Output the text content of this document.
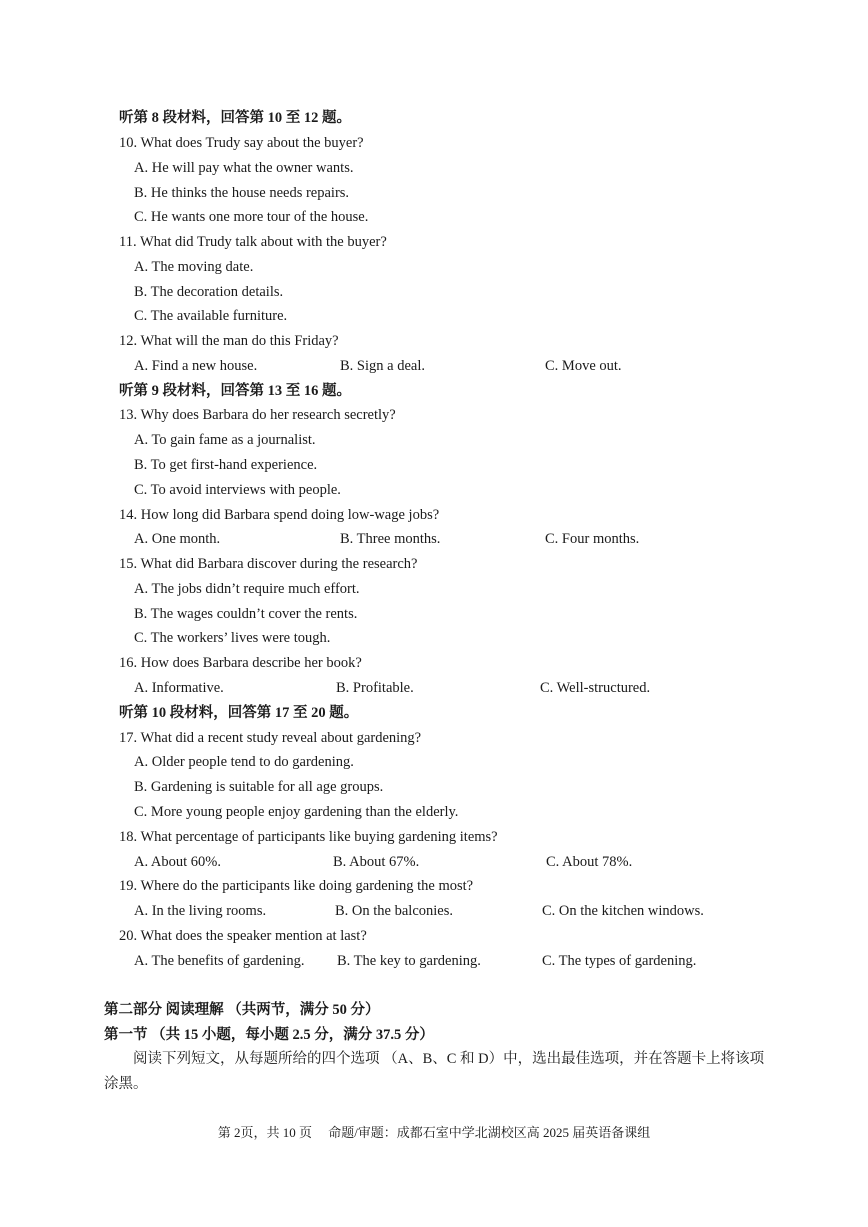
听第 8 段材料，回答第 10 至 12 题。
10. What does Trudy say about the buyer?
A. He will pay what the owner wants.
B. He thinks the house needs repairs.
C. He wants one more tour of the house.
11. What did Trudy talk about with the buyer?
A. The moving date.
B. The decoration details.
C. The available furniture.
12. What will the man do this Friday?
A. Find a new house.	B. Sign a deal.	C. Move out.
听第 9 段材料，回答第 13 至 16 题。
13. Why does Barbara do her research secretly?
A. To gain fame as a journalist.
B. To get first-hand experience.
C. To avoid interviews with people.
14. How long did Barbara spend doing low-wage jobs?
A. One month.	B. Three months.	C. Four months.
15. What did Barbara discover during the research?
A. The jobs didn’t require much effort.
B. The wages couldn’t cover the rents.
C. The workers’ lives were tough.
16. How does Barbara describe her book?
A. Informative.	B. Profitable.	C. Well-structured.
听第 10 段材料，回答第 17 至 20 题。
17. What did a recent study reveal about gardening?
A. Older people tend to do gardening.
B. Gardening is suitable for all age groups.
C. More young people enjoy gardening than the elderly.
18. What percentage of participants like buying gardening items?
A. About 60%.	B. About 67%.	C. About 78%.
19. Where do the participants like doing gardening the most?
A. In the living rooms.	B. On the balconies.	C. On the kitchen windows.
20. What does the speaker mention at last?
A. The benefits of gardening. B. The key to gardening.	C. The types of gardening.
第二部分 阅读理解 （共两节，满分 50 分）
第一节 （共 15 小题，每小题 2.5 分，满分 37.5 分）
阅读下列短文，从每题所给的四个选项 （A、B、C 和 D）中，选出最佳选项，并在答题卡上将该项涂黑。
第 2页，共 10 页　 命题/审题：成都石室中学北湖校区高 2025 届英语备课组
